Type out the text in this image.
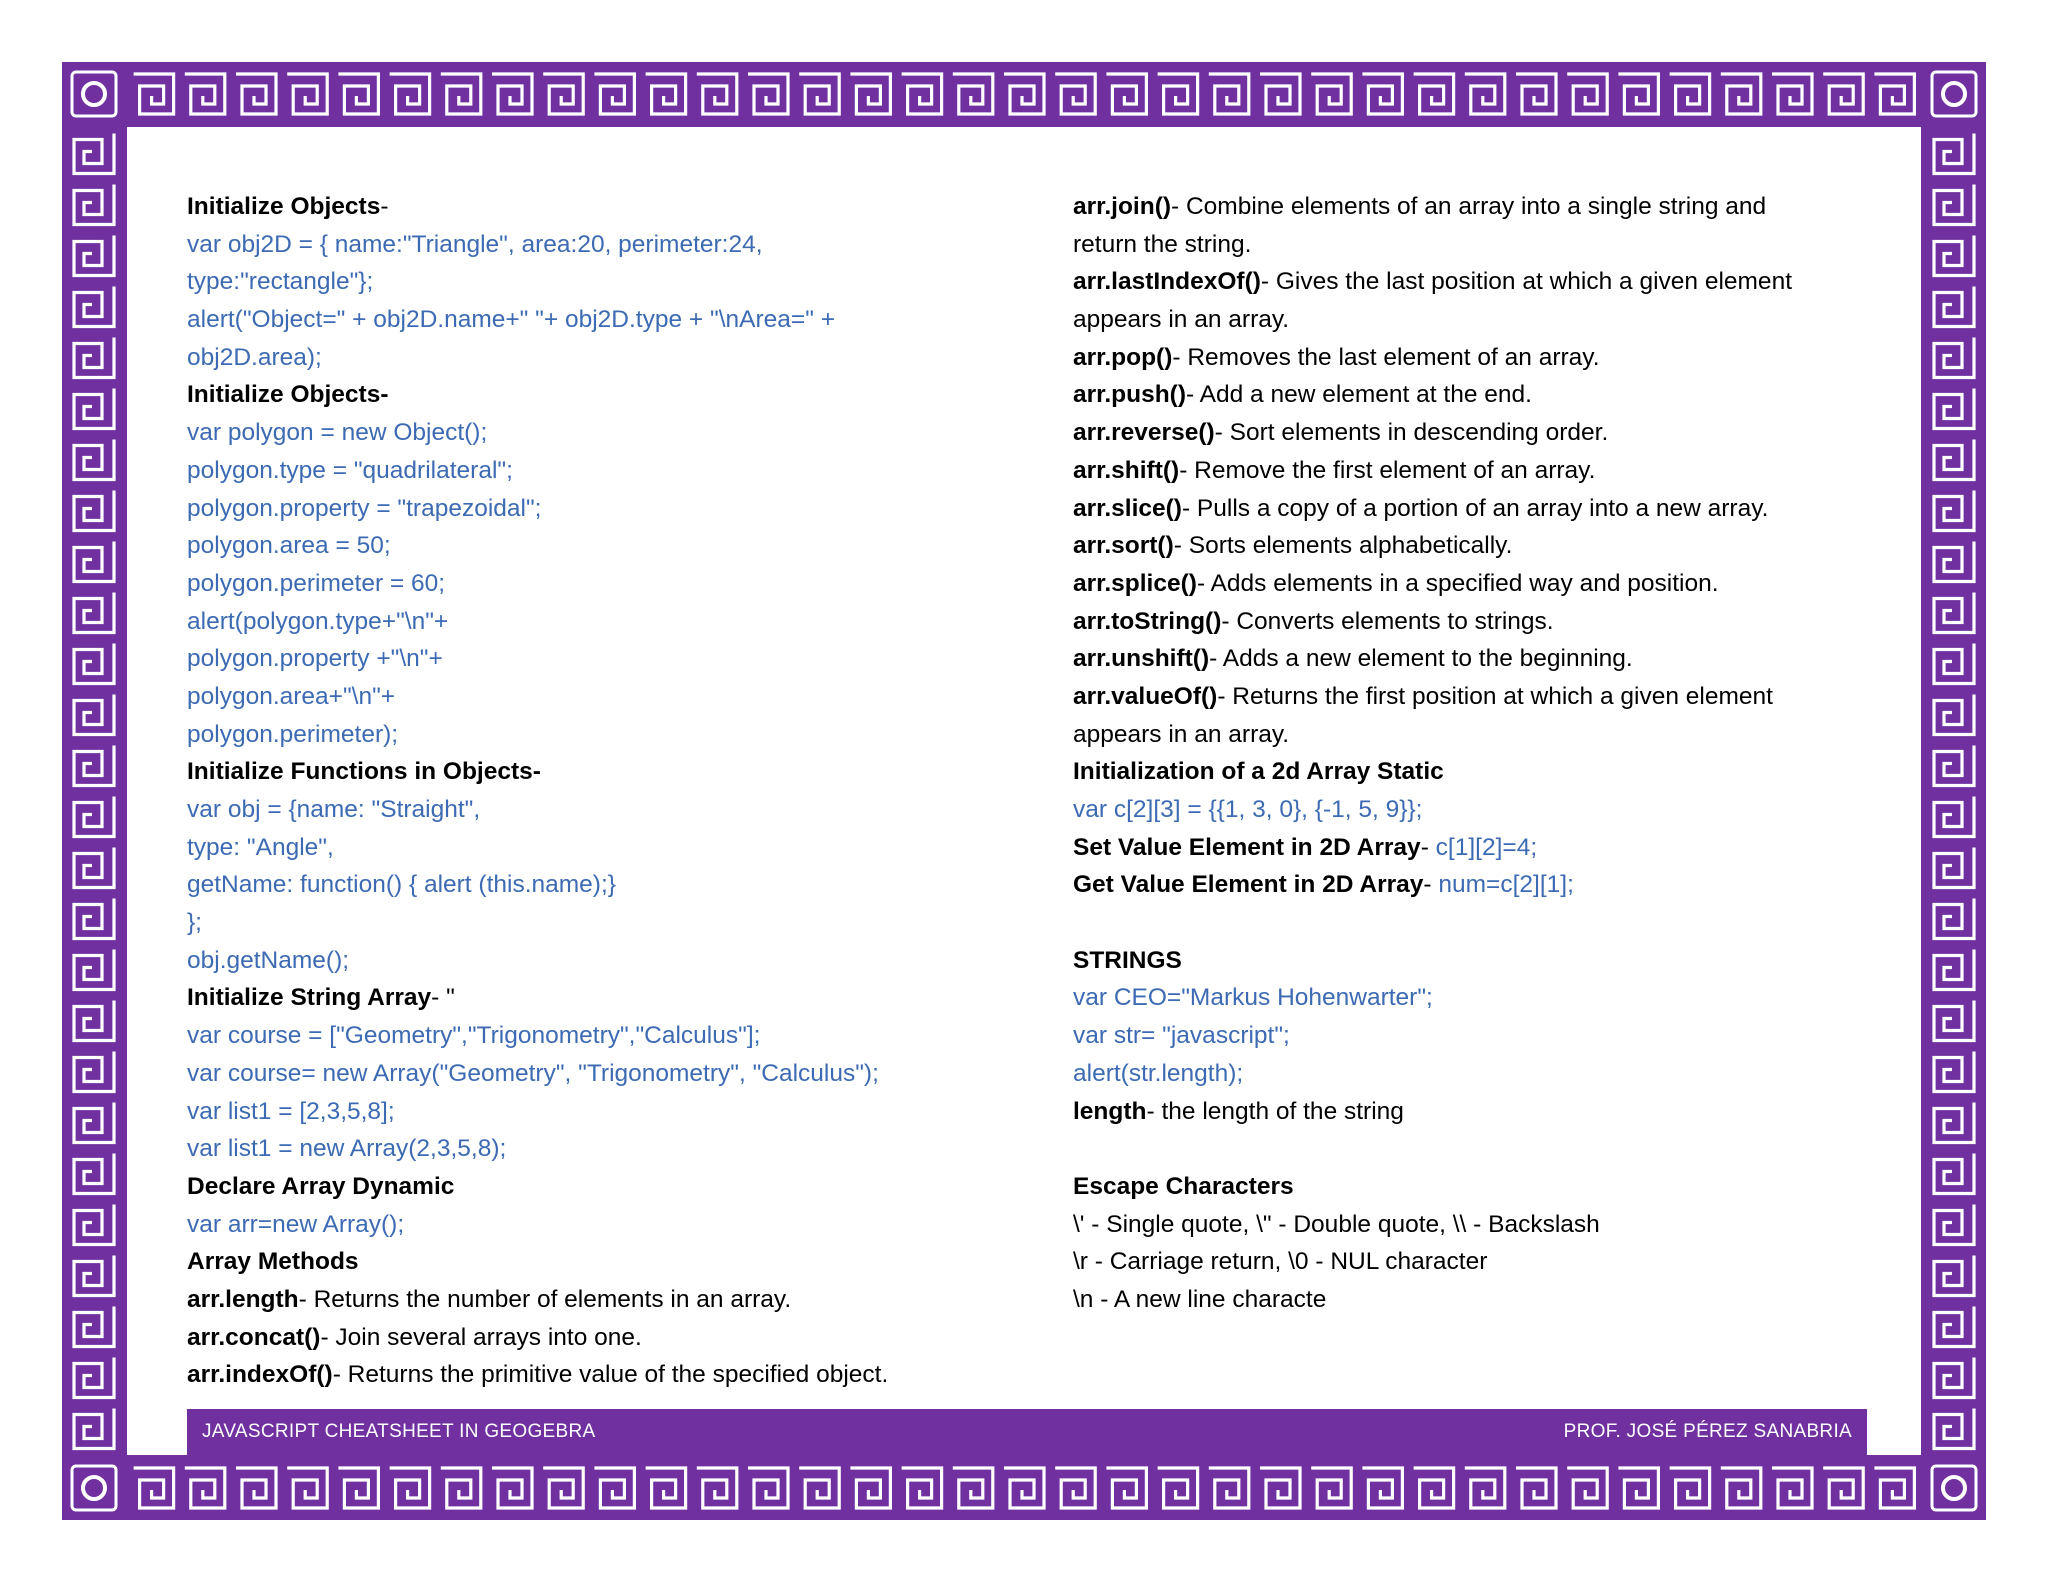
Initialize Objects-
var obj2D = { name:"Triangle", area:20, perimeter:24,
type:"rectangle"};
alert("Object=" + obj2D.name+" "+ obj2D.type + "\nArea=" +
obj2D.area);
Initialize Objects-
var polygon = new Object();
polygon.type = "quadrilateral";
polygon.property = "trapezoidal";
polygon.area = 50;
polygon.perimeter = 60;
alert(polygon.type+"\n"+
polygon.property +"\n"+
polygon.area+"\n"+
polygon.perimeter);
Initialize Functions in Objects-
var obj = {name: "Straight",
type: "Angle",
getName: function() { alert (this.name);}
};
obj.getName();
Initialize String Array- "
var course = ["Geometry","Trigonometry","Calculus"];
var course= new Array("Geometry", "Trigonometry", "Calculus");
var list1 = [2,3,5,8];
var list1 = new Array(2,3,5,8);
Declare Array Dynamic
var arr=new Array();
Array Methods
arr.length- Returns the number of elements in an array.
arr.concat()- Join several arrays into one.
arr.indexOf()- Returns the primitive value of the specified object.
arr.join()- Combine elements of an array into a single string and
return the string.
arr.lastIndexOf()- Gives the last position at which a given element
appears in an array.
arr.pop()- Removes the last element of an array.
arr.push()- Add a new element at the end.
arr.reverse()- Sort elements in descending order.
arr.shift()- Remove the first element of an array.
arr.slice()- Pulls a copy of a portion of an array into a new array.
arr.sort()- Sorts elements alphabetically.
arr.splice()- Adds elements in a specified way and position.
arr.toString()- Converts elements to strings.
arr.unshift()- Adds a new element to the beginning.
arr.valueOf()- Returns the first position at which a given element
appears in an array.
Initialization of a 2d Array Static
var c[2][3] = {{1, 3, 0}, {-1, 5, 9}};
Set Value Element in 2D Array- c[1][2]=4;
Get Value Element in 2D Array- num=c[2][1];
STRINGS
var CEO="Markus Hohenwarter";
var str= "javascript";
alert(str.length);
length- the length of the string
Escape Characters
\' - Single quote, \" - Double quote, \\ - Backslash
\r - Carriage return, \0 - NUL character
\n - A new line characte
JAVASCRIPT CHEATSHEET IN GEOGEBRA	PROF. JOSÉ PÉREZ SANABRIA
